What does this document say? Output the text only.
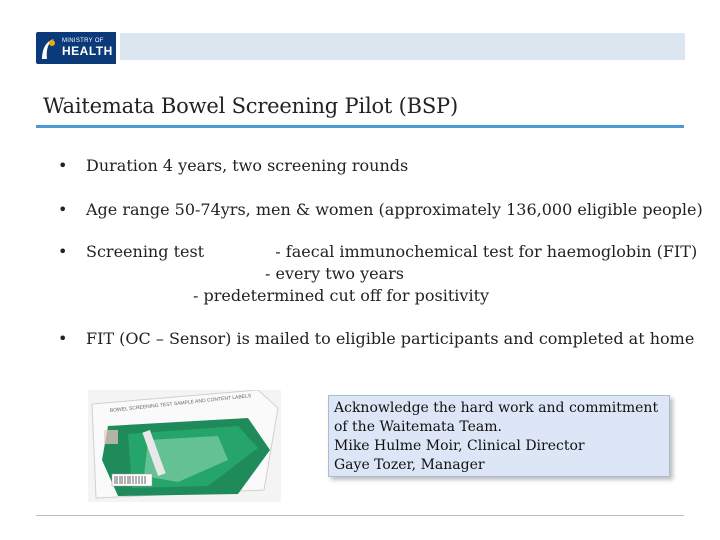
MINISTRY OF
HEALTH
MANATŪ HAUORA
Waitemata Bowel Screening Pilot (BSP)
• Duration 4 years, two screening rounds
• Age range 50-74yrs, men & women (approximately 136,000 eligible people)
• Screening test              - faecal immunochemical test for haemoglobin (FIT)
- every two years
- predetermined cut off for positivity
• FIT (OC – Sensor) is mailed to eligible participants and completed at home
BOWEL SCREENING TEST SAMPLE AND CONTENT LABELS	Acknowledge the hard work and commitment
of the Waitemata Team.
Mike Hulme Moir, Clinical Director
Gaye Tozer, Manager
